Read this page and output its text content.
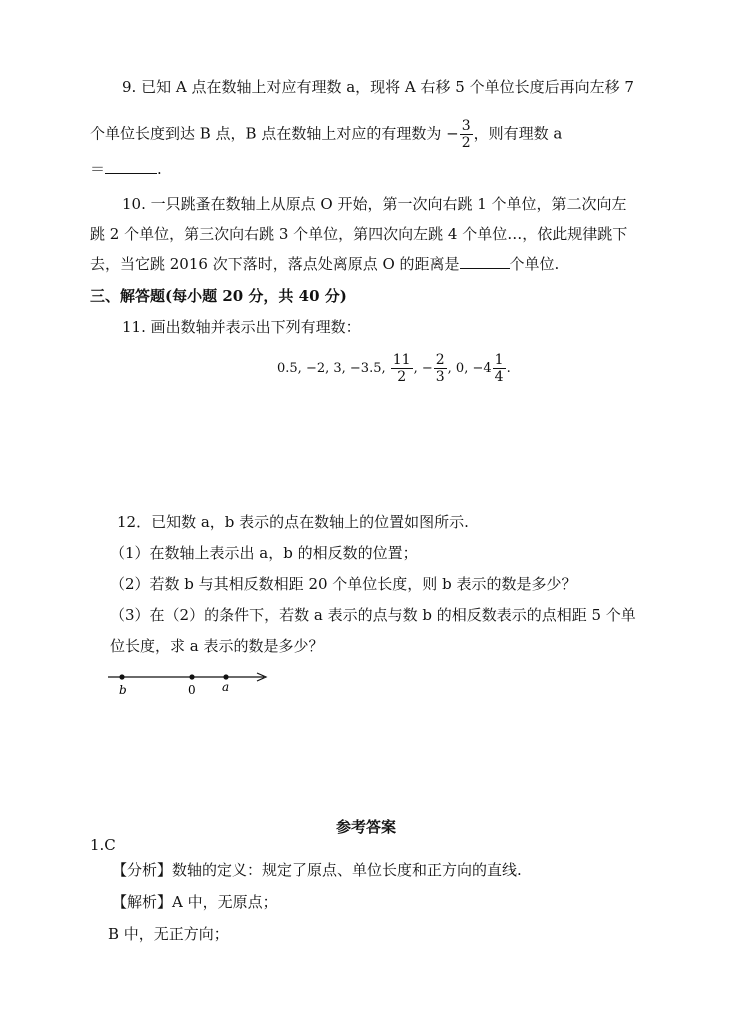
9. 已知 A 点在数轴上对应有理数 a，现将 A 右移 5 个单位长度后再向左移 7
个单位长度到达 B 点，B 点在数轴上对应的有理数为 − $\frac{3}{2}$ ，则有理数 a
＝	.
10. 一只跳蚤在数轴上从原点 O 开始，第一次向右跳 1 个单位，第二次向左
跳 2 个单位，第三次向右跳 3 个单位，第四次向左跳 4 个单位…，依此规律跳下
去，当它跳 2016 次下落时，落点处离原点 O 的距离是	个单位.
三、解答题(每小题 20 分，共 40 分)
11. 画出数轴并表示出下列有理数：
0.5, −2, 3, −3.5, $\frac{11}{2}$ , − $\frac{2}{3}$ , 0, $-4 \frac{1}{4}$ .
12．已知数 a，b 表示的点在数轴上的位置如图所示.
（1）在数轴上表示出 a，b 的相反数的位置；
（2）若数 b 与其相反数相距 20 个单位长度，则 b 表示的数是多少？
（3）在（2）的条件下，若数 a 表示的点与数 b 的相反数表示的点相距 5 个单
位长度，求 a 表示的数是多少？
b	0 a
参考答案
1.C
【分析】数轴的定义：规定了原点、单位长度和正方向的直线.
【解析】A 中，无原点；
B 中，无正方向；
